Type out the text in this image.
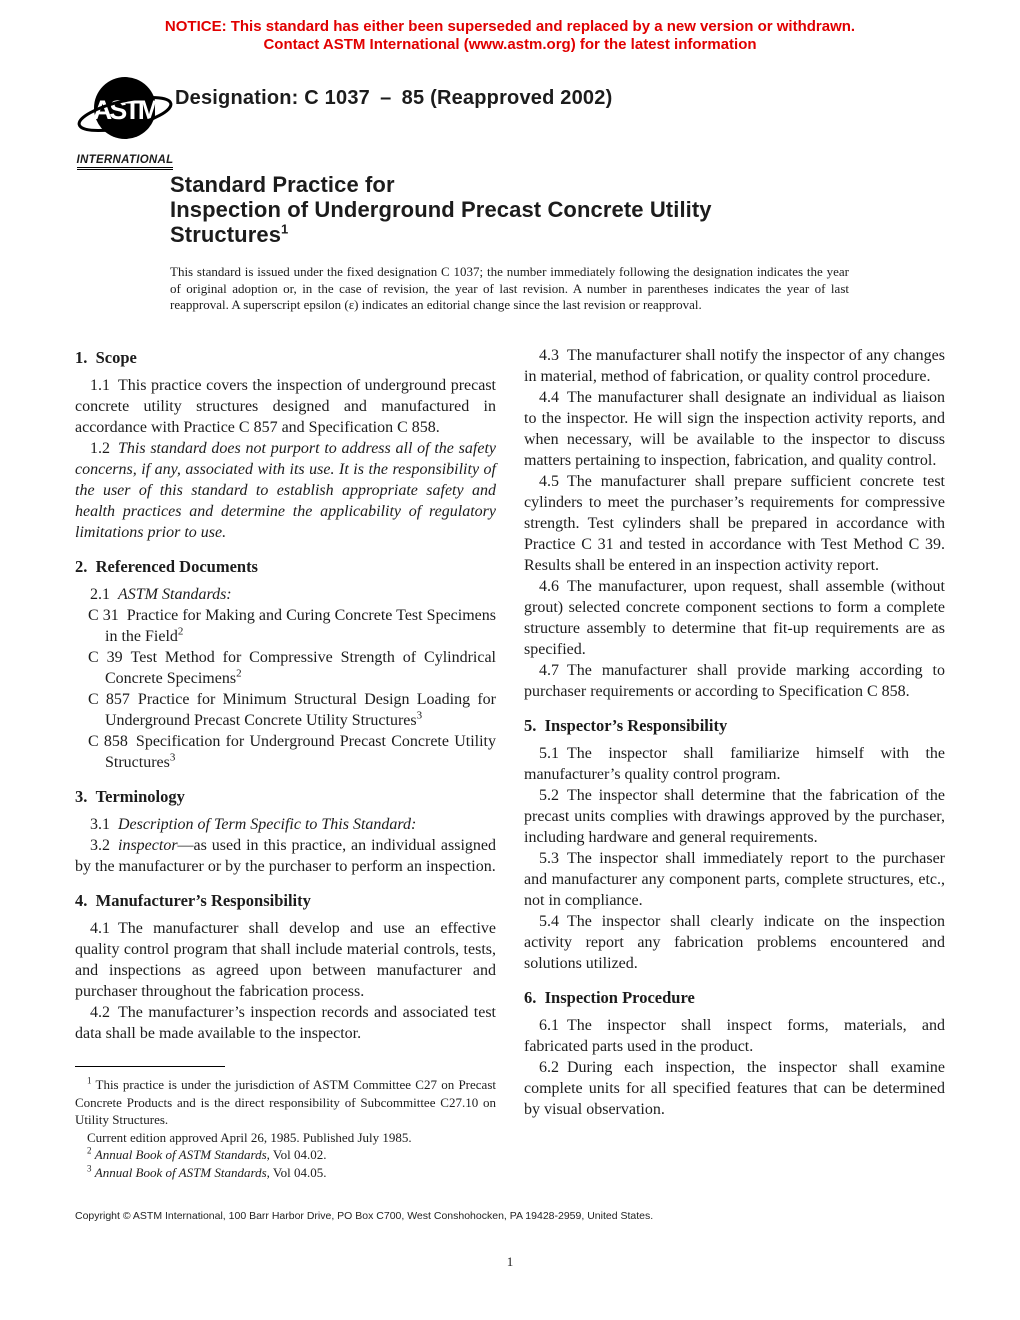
NOTICE: This standard has either been superseded and replaced by a new version or withdrawn.
Contact ASTM International (www.astm.org) for the latest information
ASTM
INTERNATIONAL
Designation: C 1037 – 85 (Reapproved 2002)
Standard Practice for
Inspection of Underground Precast Concrete Utility
Structures$^1$
This standard is issued under the fixed designation C 1037; the number immediately following the designation indicates the year of original adoption or, in the case of revision, the year of last revision. A number in parentheses indicates the year of last reapproval. A superscript epsilon (ε) indicates an editorial change since the last revision or reapproval.
1. Scope

1.1 This practice covers the inspection of underground precast concrete utility structures designed and manufactured in accordance with Practice C 857 and Specification C 858.

1.2 This standard does not purport to address all of the safety concerns, if any, associated with its use. It is the responsibility of the user of this standard to establish appropriate safety and health practices and determine the applicability of regulatory limitations prior to use.

2. Referenced Documents

2.1 ASTM Standards:

C 31 Practice for Making and Curing Concrete Test Specimens in the Field$^2$

C 39 Test Method for Compressive Strength of Cylindrical Concrete Specimens$^2$

C 857 Practice for Minimum Structural Design Loading for Underground Precast Concrete Utility Structures$^3$

C 858 Specification for Underground Precast Concrete Utility Structures$^3$

3. Terminology

3.1 Description of Term Specific to This Standard:

3.2 inspector—as used in this practice, an individual assigned by the manufacturer or by the purchaser to perform an inspection.

4. Manufacturer’s Responsibility

4.1 The manufacturer shall develop and use an effective quality control program that shall include material controls, tests, and inspections as agreed upon between manufacturer and purchaser throughout the fabrication process.

4.2 The manufacturer’s inspection records and associated test data shall be made available to the inspector.

$^1$ This practice is under the jurisdiction of ASTM Committee C27 on Precast Concrete Products and is the direct responsibility of Subcommittee C27.10 on Utility Structures.

Current edition approved April 26, 1985. Published July 1985.

$^2$ Annual Book of ASTM Standards, Vol 04.02.

$^3$ Annual Book of ASTM Standards, Vol 04.05.

4.3 The manufacturer shall notify the inspector of any changes in material, method of fabrication, or quality control procedure.

4.4 The manufacturer shall designate an individual as liaison to the inspector. He will sign the inspection activity reports, and when necessary, will be available to the inspector to discuss matters pertaining to inspection, fabrication, and quality control.

4.5 The manufacturer shall prepare sufficient concrete test cylinders to meet the purchaser’s requirements for compressive strength. Test cylinders shall be prepared in accordance with Practice C 31 and tested in accordance with Test Method C 39. Results shall be entered in an inspection activity report.

4.6 The manufacturer, upon request, shall assemble (without grout) selected concrete component sections to form a complete structure assembly to determine that fit-up requirements are as specified.

4.7 The manufacturer shall provide marking according to purchaser requirements or according to Specification C 858.

5. Inspector’s Responsibility

5.1 The inspector shall familiarize himself with the manufacturer’s quality control program.

5.2 The inspector shall determine that the fabrication of the precast units complies with drawings approved by the purchaser, including hardware and general requirements.

5.3 The inspector shall immediately report to the purchaser and manufacturer any component parts, complete structures, etc., not in compliance.

5.4 The inspector shall clearly indicate on the inspection activity report any fabrication problems encountered and solutions utilized.

6. Inspection Procedure

6.1 The inspector shall inspect forms, materials, and fabricated parts used in the product.

6.2 During each inspection, the inspector shall examine complete units for all specified features that can be determined by visual observation.

Copyright © ASTM International, 100 Barr Harbor Drive, PO Box C700, West Conshohocken, PA 19428-2959, United States.
1
